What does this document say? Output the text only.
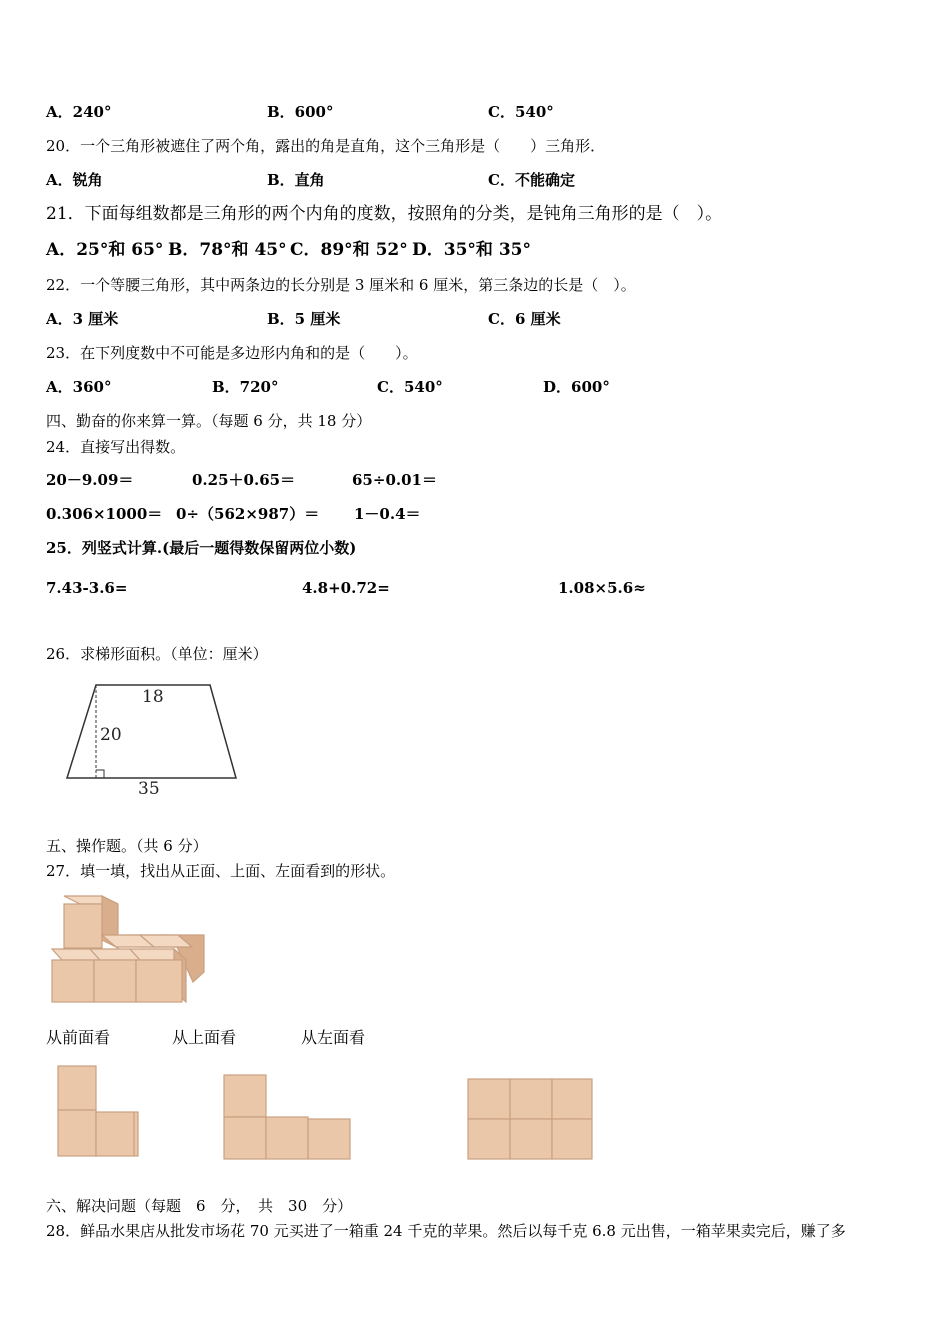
A．240°	B．600°	C．540°
20．一个三角形被遮住了两个角，露出的角是直角，这个三角形是（　　）三角形．
A．锐角	B．直角	C．不能确定
21．下面每组数都是三角形的两个内角的度数，按照角的分类，是钝角三角形的是（　）。
A．25°和 65° B．78°和 45° C．89°和 52° D．35°和 35°
22．一个等腰三角形，其中两条边的长分别是 3 厘米和 6 厘米，第三条边的长是（　）。
A．3 厘米	B．5 厘米	C．6 厘米
23．在下列度数中不可能是多边形内角和的是（　　）。
A．360°	B．720°	C．540°	D．600°
四、勤奋的你来算一算。（每题 6 分，共 18 分）
24．直接写出得数。
20－9.09＝	0.25＋0.65＝	65÷0.01＝
0.306×1000＝ 0÷（562×987）＝ 1－0.4＝
25．列竖式计算.(最后一题得数保留两位小数)
7.43-3.6=	4.8+0.72=	1.08×5.6≈
26．求梯形面积。（单位：厘米）
18
20
35
五、操作题。（共 6 分）
27．填一填，找出从正面、上面、左面看到的形状。
从前面看	从上面看	从左面看
六、解决问题（每题　6　分，　共　30　分）
28．鲜品水果店从批发市场花 70 元买进了一箱重 24 千克的苹果。然后以每千克 6.8 元出售，一箱苹果卖完后，赚了多
